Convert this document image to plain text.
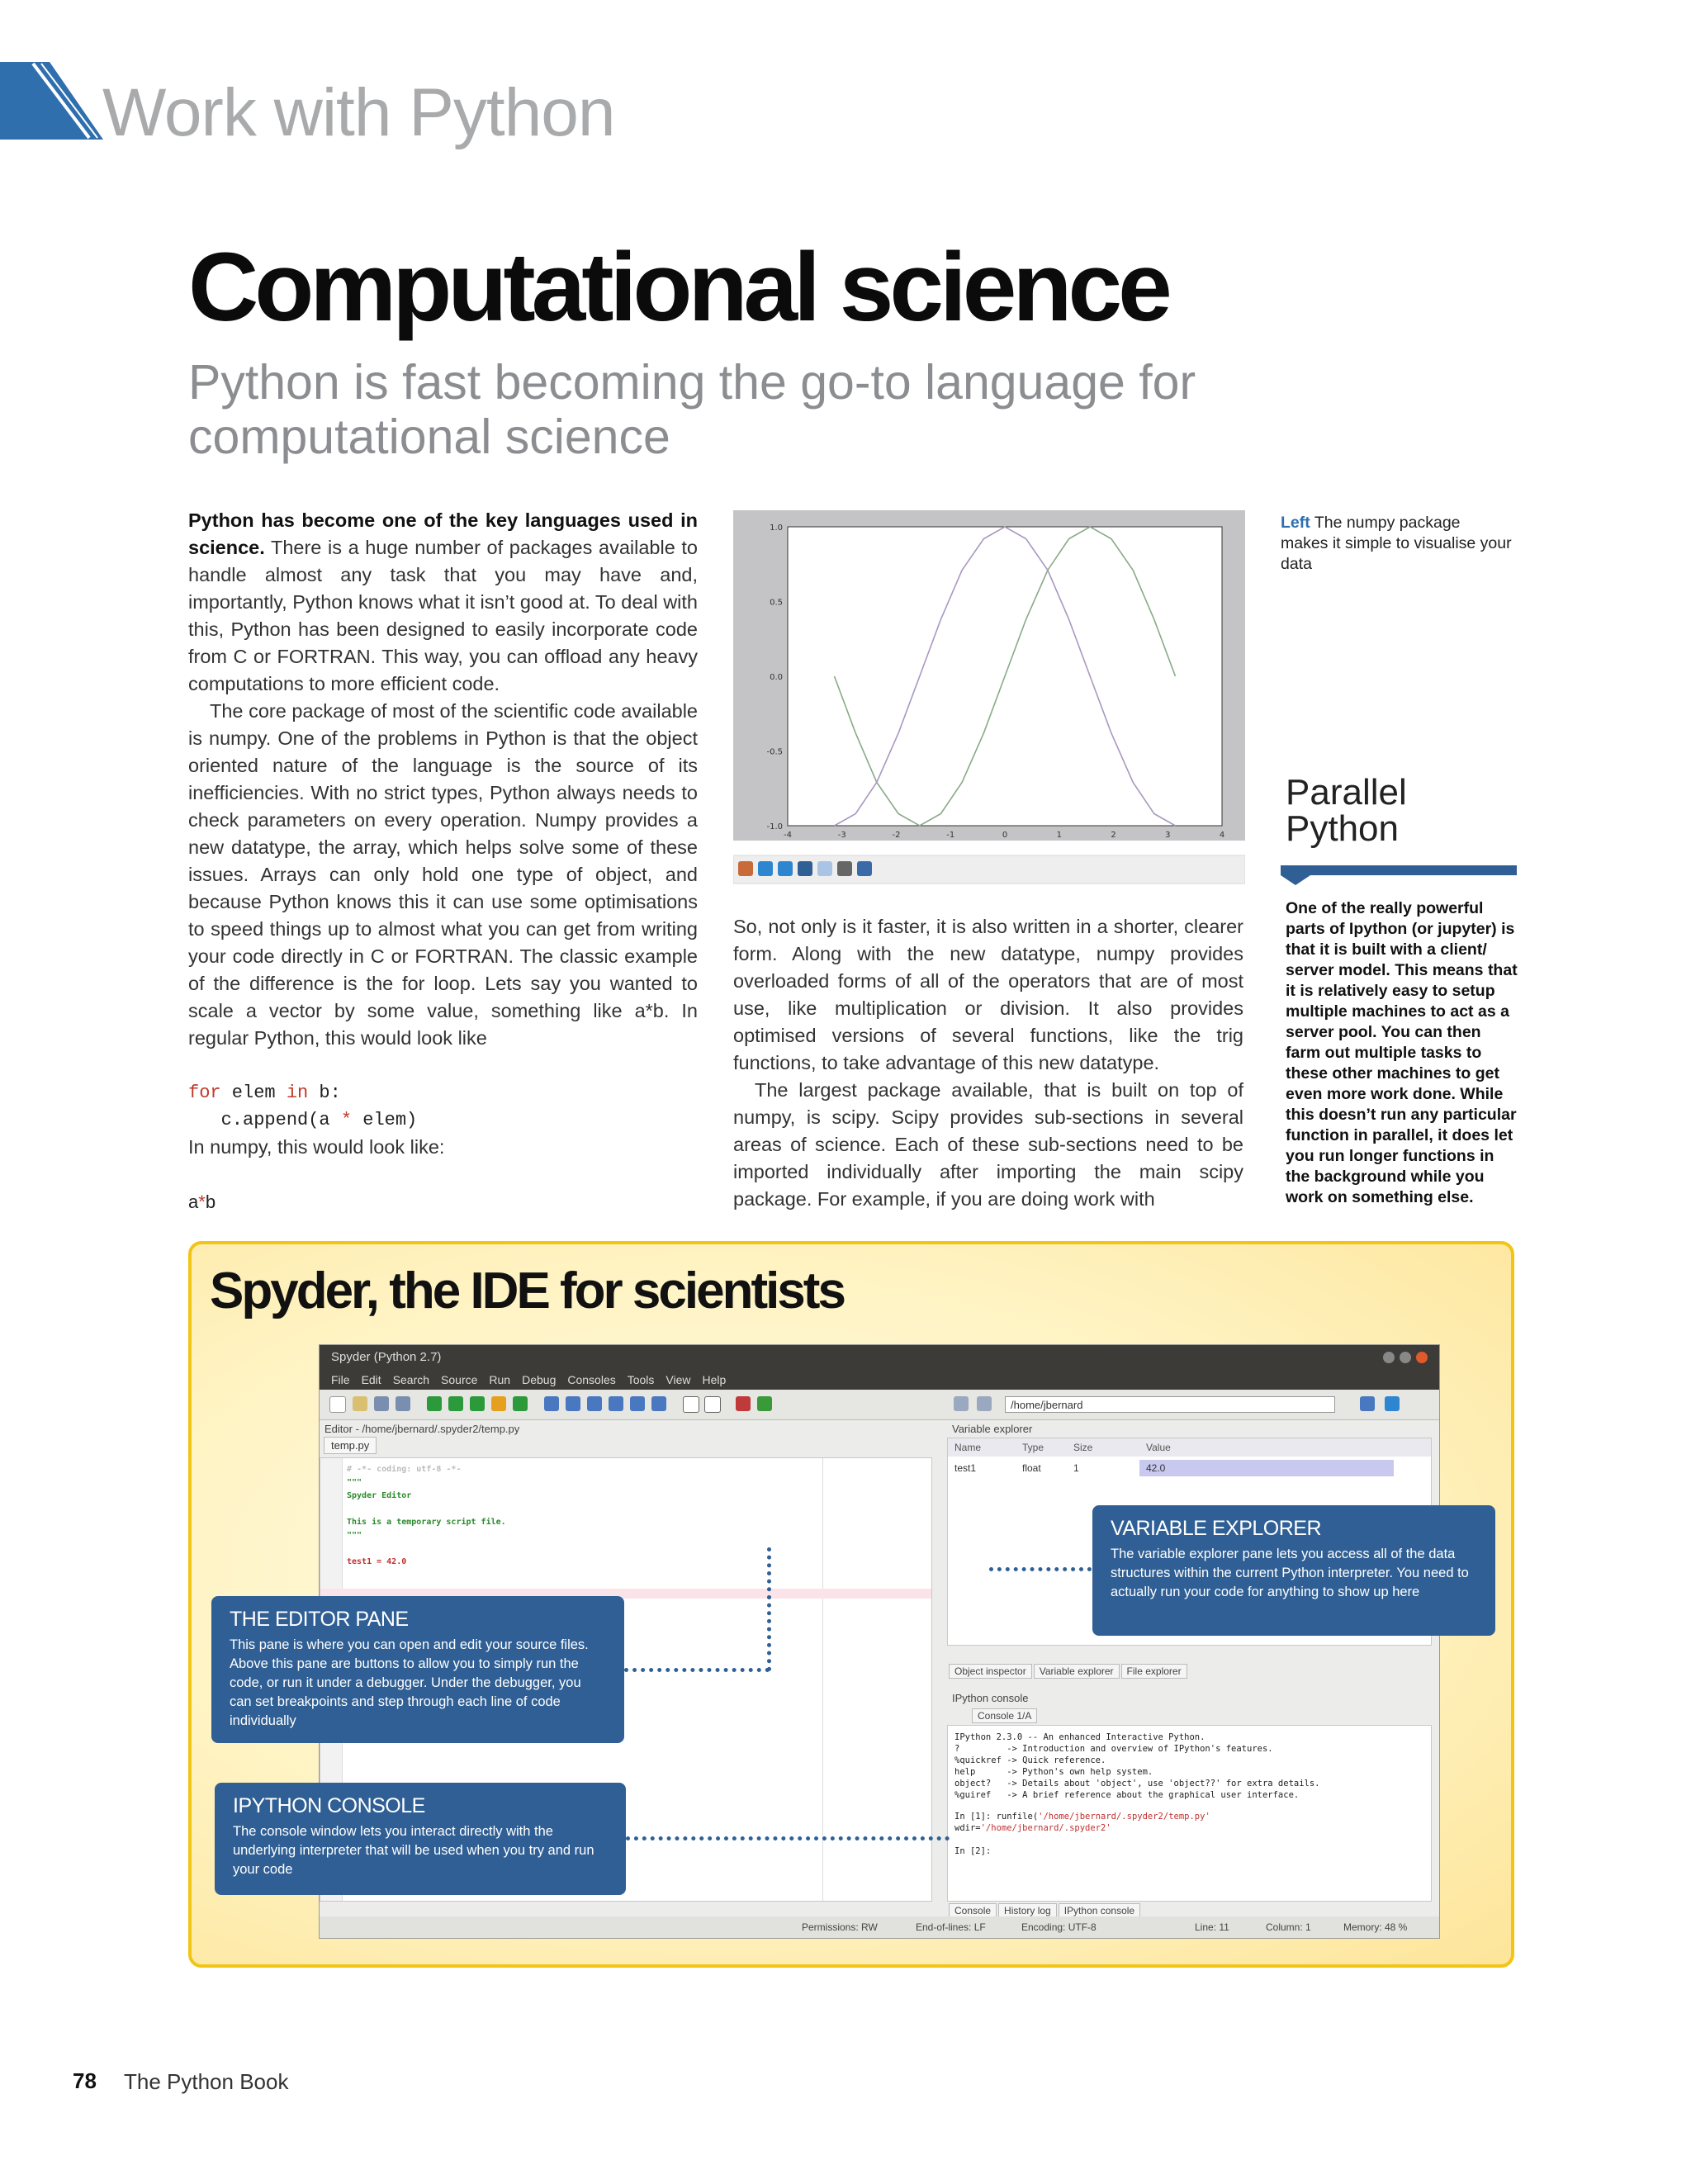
Work with Python
Computational science
Python is fast becoming the go-to language for computational science

Python has become one of the key languages used in science. There is a huge number of packages available to handle almost any task that you may have and, importantly, Python knows what it isn’t good at. To deal with this, Python has been designed to easily incorporate code from C or FORTRAN. This way, you can offload any heavy computations to more efficient code.

The core package of most of the scientific code available is numpy. One of the problems in Python is that the object oriented nature of the language is the source of its inefficiencies. With no strict types, Python always needs to check parameters on every operation. Numpy provides a new datatype, the array, which helps solve some of these issues. Arrays can only hold one type of object, and because Python knows this it can use some optimisations to speed things up to almost what you can get from writing your code directly in C or FORTRAN. The classic example of the difference is the for loop. Lets say you wanted to scale a vector by some value, something like a*b. In regular Python, this would look like

for elem in b:
c.append(a * elem)
In numpy, this would look like:
a*b
-4	-3	-2	-1	0	1	2	3	4
1.0
0.5
0.0
-0.5
-1.0
Left The numpy package makes it simple to visualise your data

So, not only is it faster, it is also written in a shorter, clearer form. Along with the new datatype, numpy provides overloaded forms of all of the operators that are of most use, like multiplication or division. It also provides optimised versions of several functions, like the trig functions, to take advantage of this new datatype.

The largest package available, that is built on top of numpy, is scipy. Scipy provides sub-sections in several areas of science. Each of these sub-sections need to be imported individually after importing the main scipy package. For example, if you are doing work with

Parallel
Python
One of the really powerful parts of Ipython (or jupyter) is that it is built with a client/ server model. This means that it is relatively easy to setup multiple machines to act as a server pool. You can then farm out multiple tasks to these other machines to get even more work done. While this doesn’t run any particular function in parallel, it does let you run longer functions in the background while you work on something else.
Spyder, the IDE for scientists
Spyder (Python 2.7)
File Edit Search Source Run Debug Consoles Tools View Help
/home/jbernard
Editor - /home/jbernard/.spyder2/temp.py
temp.py
# -*- coding: utf-8 -*-
"""
Spyder Editor
This is a temporary script file.
"""
test1 = 42.0
Variable explorer
Name	Type	Size	Value
test1	float	1	42.0
Object inspector Variable explorer File explorer
IPython console
Console 1/A
IPython 2.3.0 -- An enhanced Interactive Python.
?         -> Introduction and overview of IPython's features.
%quickref -> Quick reference.
help      -> Python's own help system.
object?   -> Details about 'object', use 'object??' for extra details.
%guiref   -> A brief reference about the graphical user interface.
In [1]: runfile('/home/jbernard/.spyder2/temp.py'
wdir='/home/jbernard/.spyder2'
In [2]:
Console History log IPython console
Permissions: RW	End-of-lines: LF	Encoding: UTF-8	Line: 11	Column: 1	Memory: 48 %
VARIABLE EXPLORER
The variable explorer pane lets you access all of the data structures within the current Python interpreter. You need to actually run your code for anything to show up here
THE EDITOR PANE
This pane is where you can open and edit your source files. Above this pane are buttons to allow you to simply run the code, or run it under a debugger. Under the debugger, you can set breakpoints and step through each line of code individually
IPYTHON CONSOLE
The console window lets you interact directly with the underlying interpreter that will be used when you try and run your code
78 The Python Book
